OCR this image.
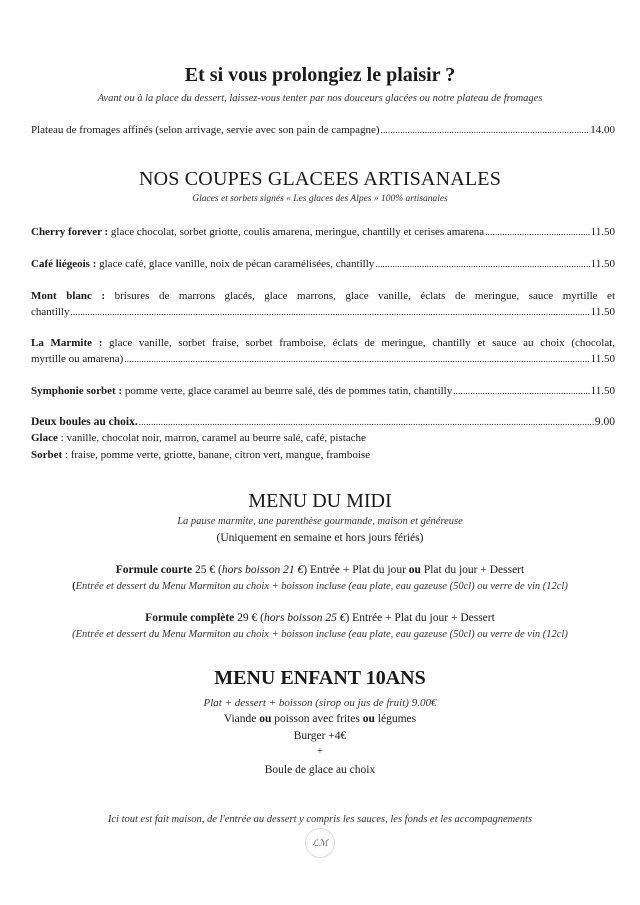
Et si vous prolongiez le plaisir ?
Avant ou à la place du dessert, laissez-vous tenter par nos douceurs glacées ou notre plateau de fromages
Plateau de fromages affinés (selon arrivage, servie avec son pain de campagne) .....	14.00
NOS COUPES GLACEES ARTISANALES
Glaces et sorbets signés « Les glaces des Alpes » 100% artisanales
Cherry forever : glace chocolat, sorbet griotte, coulis amarena, meringue, chantilly et cerises amarena .....	11.50
Café liégeois : glace café, glace vanille, noix de pécan caramélisées, chantilly .....	11.50
Mont blanc : brisures de marrons glacés, glace marrons, glace vanille, éclats de meringue, sauce myrtille et
chantilly .....	11.50
La Marmite : glace vanille, sorbet fraise, sorbet framboise, éclats de meringue, chantilly et sauce au choix (chocolat,
myrtille ou amarena) .....	11.50
Symphonie sorbet : pomme verte, glace caramel au beurre salé, dés de pommes tatin, chantilly .....	11.50
Deux boules au choix. .....	9.00
Glace : vanille, chocolat noir, marron, caramel au beurre salé, café, pistache
Sorbet : fraise, pomme verte, griotte, banane, citron vert, mangue, framboise
MENU DU MIDI
La pause marmite, une parenthèse gourmande, maison et généreuse
(Uniquement en semaine et hors jours fériés)
Formule courte 25 € (hors boisson 21 €) Entrée + Plat du jour ou Plat du jour + Dessert
(Entrée et dessert du Menu Marmiton au choix + boisson incluse (eau plate, eau gazeuse (50cl) ou verre de vin (12cl)
Formule complète 29 € (hors boisson 25 €) Entrée + Plat du jour + Dessert
(Entrée et dessert du Menu Marmiton au choix + boisson incluse (eau plate, eau gazeuse (50cl) ou verre de vin (12cl)
MENU ENFANT 10ANS
Plat + dessert + boisson (sirop ou jus de fruit) 9.00€
Viande ou poisson avec frites ou légumes
Burger +4€
+
Boule de glace au choix
Ici tout est fait maison, de l'entrée au dessert y compris les sauces, les fonds et les accompagnements
ℒℳ
